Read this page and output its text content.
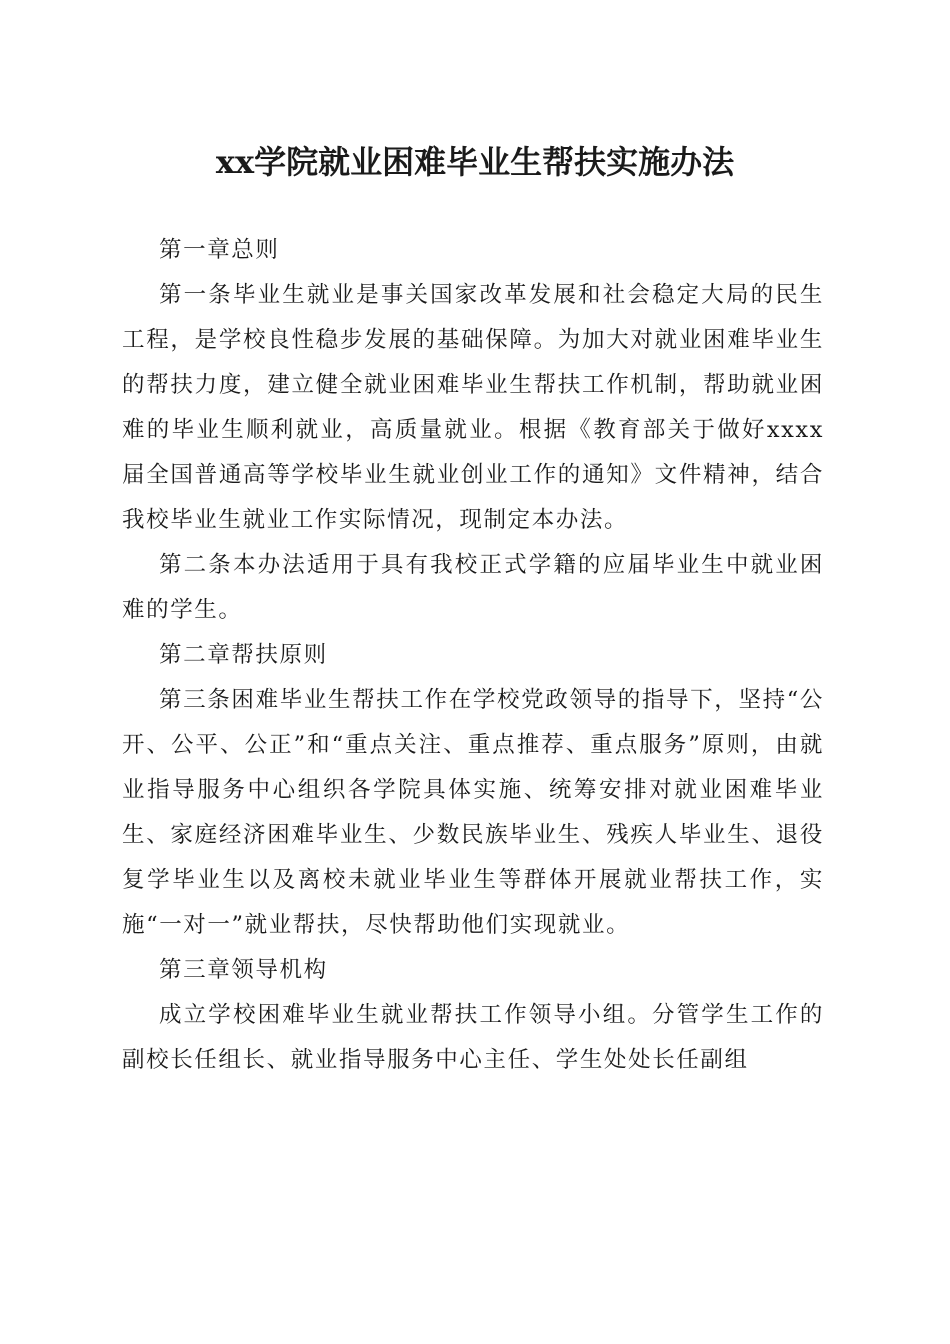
xx学院就业困难毕业生帮扶实施办法

第一章总则

第一条毕业生就业是事关国家改革发展和社会稳定大局的民生工程，是学校良性稳步发展的基础保障。为加大对就业困难毕业生的帮扶力度，建立健全就业困难毕业生帮扶工作机制，帮助就业困难的毕业生顺利就业，高质量就业。根据《教育部关于做好xxxx届全国普通高等学校毕业生就业创业工作的通知》文件精神，结合我校毕业生就业工作实际情况，现制定本办法。

第二条本办法适用于具有我校正式学籍的应届毕业生中就业困难的学生。

第二章帮扶原则

第三条困难毕业生帮扶工作在学校党政领导的指导下，坚持“公开、公平、公正”和“重点关注、重点推荐、重点服务”原则，由就业指导服务中心组织各学院具体实施、统筹安排对就业困难毕业生、家庭经济困难毕业生、少数民族毕业生、残疾人毕业生、退役复学毕业生以及离校未就业毕业生等群体开展就业帮扶工作，实施“一对一”就业帮扶，尽快帮助他们实现就业。

第三章领导机构

成立学校困难毕业生就业帮扶工作领导小组。分管学生工作的副校长任组长、就业指导服务中心主任、学生处处长任副组
